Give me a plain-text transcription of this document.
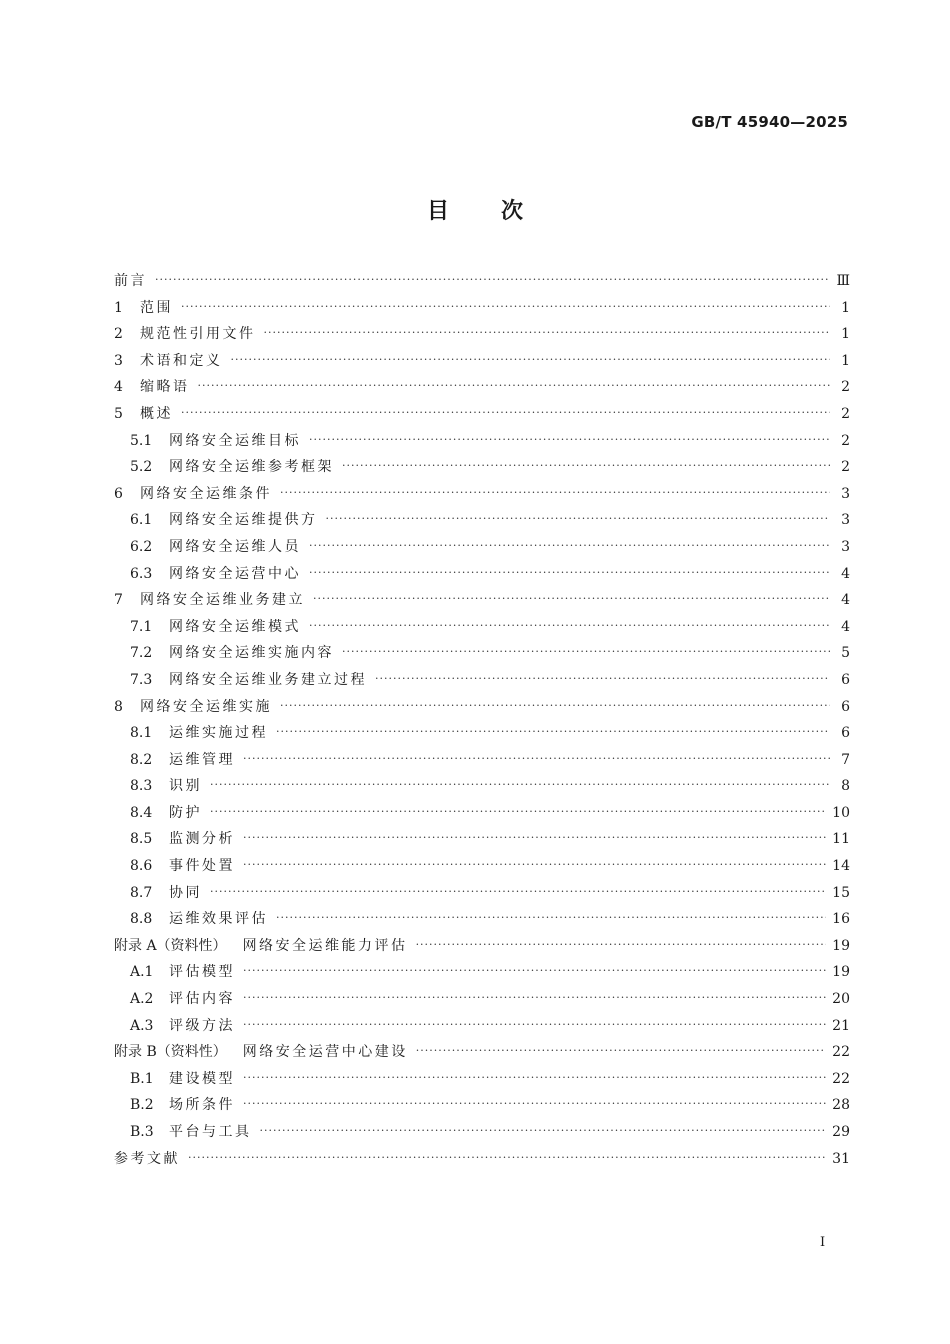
GB/T 45940—2025
目次
前言 ·····	Ⅲ
1	范围 ·····	1
2	规范性引用文件 ·····	1
3	术语和定义 ·····	1
4	缩略语 ·····	2
5	概述 ·····	2
5.1	网络安全运维目标 ·····	2
5.2	网络安全运维参考框架 ·····	2
6	网络安全运维条件 ·····	3
6.1	网络安全运维提供方 ·····	3
6.2	网络安全运维人员 ·····	3
6.3	网络安全运营中心 ·····	4
7	网络安全运维业务建立 ·····	4
7.1	网络安全运维模式 ·····	4
7.2	网络安全运维实施内容 ·····	5
7.3	网络安全运维业务建立过程 ·····	6
8	网络安全运维实施 ·····	6
8.1	运维实施过程 ·····	6
8.2	运维管理 ·····	7
8.3	识别 ·····	8
8.4	防护 ·····	10
8.5	监测分析 ·····	11
8.6	事件处置 ·····	14
8.7	协同 ·····	15
8.8	运维效果评估 ·····	16
附录 A（资料性） 网络安全运维能力评估 ·····	19
A.1	评估模型 ·····	19
A.2	评估内容 ·····	20
A.3	评级方法 ·····	21
附录 B（资料性） 网络安全运营中心建设 ·····	22
B.1	建设模型 ·····	22
B.2	场所条件 ·····	28
B.3	平台与工具 ·····	29
参考文献 ·····	31
I
